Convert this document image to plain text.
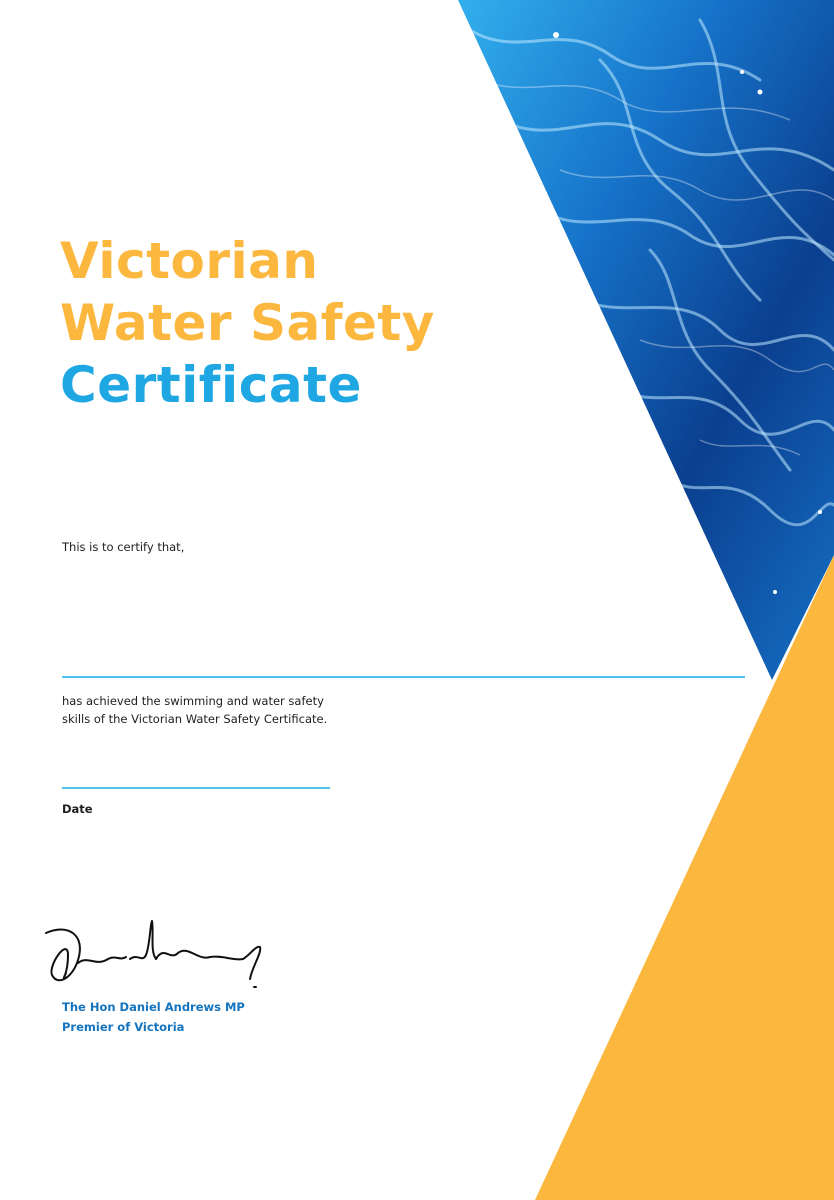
Victorian
Water Safety
Certificate

This is to certify that,

has achieved the swimming and water safety
skills of the Victorian Water Safety Certificate.

Date

The Hon Daniel Andrews MP
Premier of Victoria
